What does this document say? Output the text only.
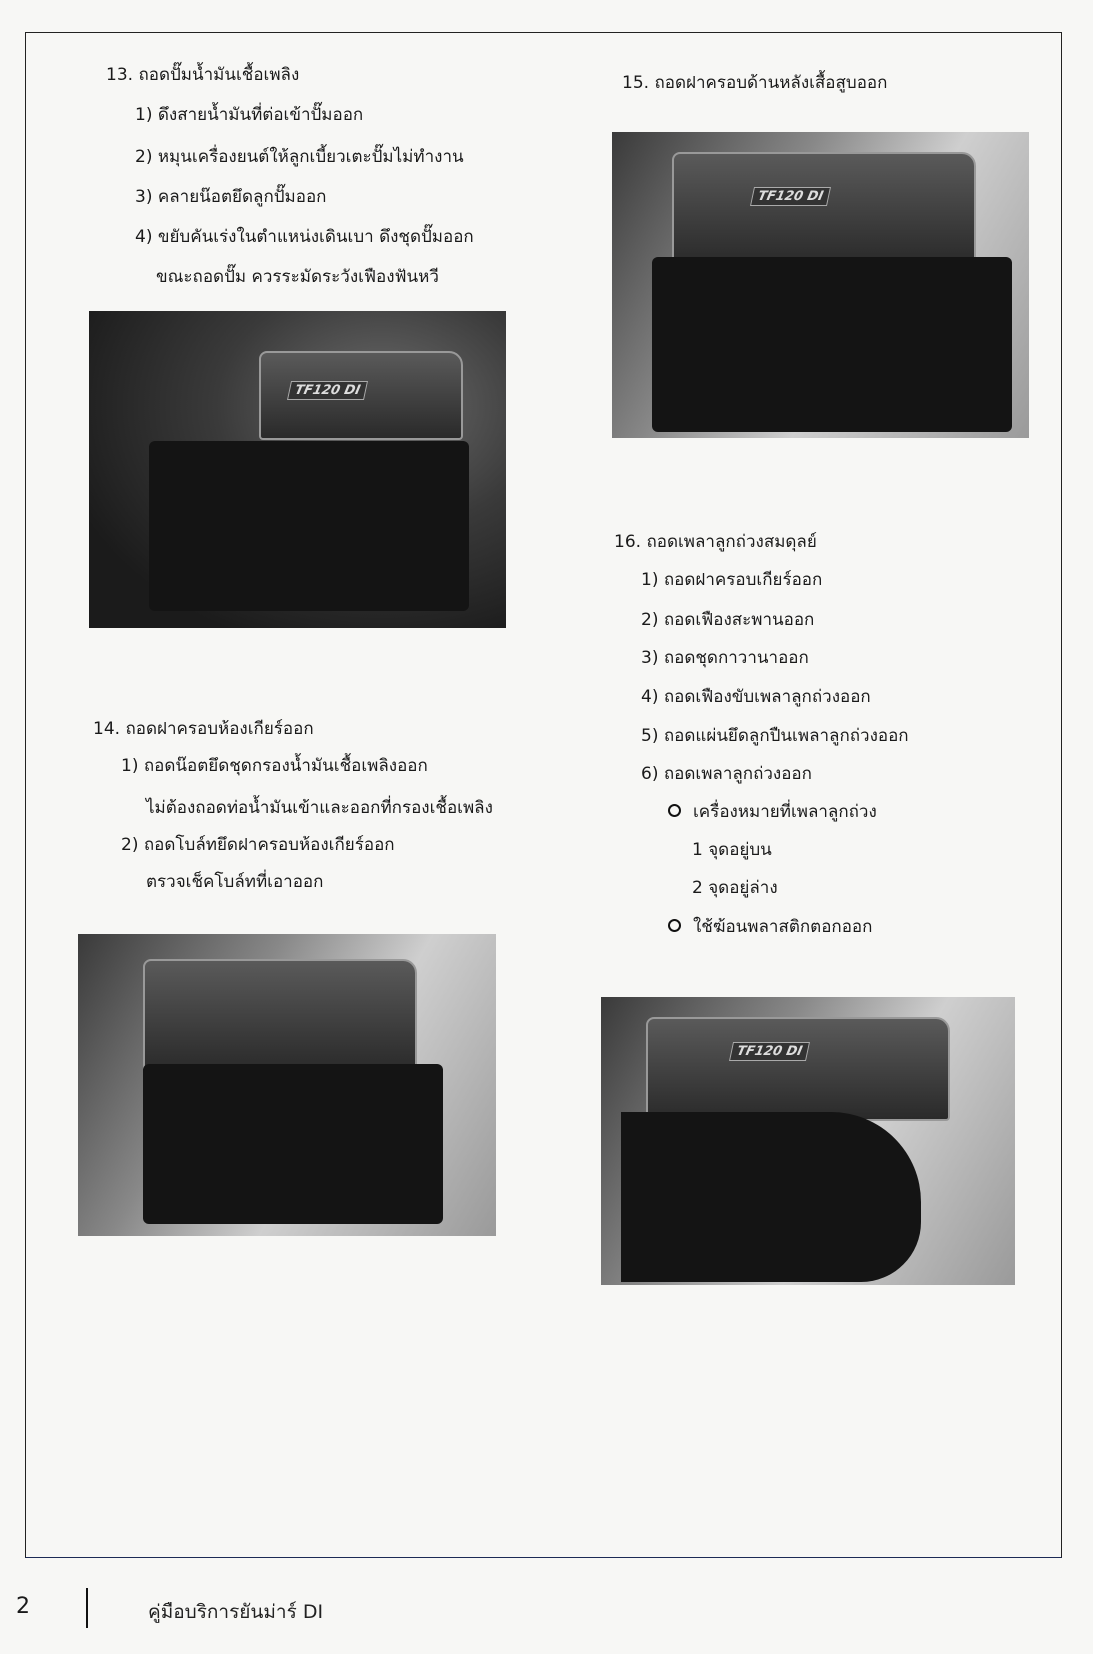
13. ถอดปั๊มน้ำมันเชื้อเพลิง
1) ดึงสายน้ำมันที่ต่อเข้าปั๊มออก
2) หมุนเครื่องยนต์ให้ลูกเบี้ยวเตะปั๊มไม่ทำงาน
3) คลายน๊อตยึดลูกปั๊มออก
4) ขยับคันเร่งในตำแหน่งเดินเบา ดึงชุดปั๊มออก
ขณะถอดปั๊ม ควรระมัดระวังเฟืองฟันหวี
TF120 DI
14. ถอดฝาครอบห้องเกียร์ออก
1) ถอดน๊อตยึดชุดกรองน้ำมันเชื้อเพลิงออก
ไม่ต้องถอดท่อน้ำมันเข้าและออกที่กรองเชื้อเพลิง
2) ถอดโบล์ทยึดฝาครอบห้องเกียร์ออก
ตรวจเช็คโบล์ทที่เอาออก
15. ถอดฝาครอบด้านหลังเสื้อสูบออก
TF120 DI
16. ถอดเพลาลูกถ่วงสมดุลย์
1) ถอดฝาครอบเกียร์ออก
2) ถอดเฟืองสะพานออก
3) ถอดชุดกาวานาออก
4) ถอดเฟืองขับเพลาลูกถ่วงออก
5) ถอดแผ่นยึดลูกปืนเพลาลูกถ่วงออก
6) ถอดเพลาลูกถ่วงออก
เครื่องหมายที่เพลาลูกถ่วง
1 จุดอยู่บน
2 จุดอยู่ล่าง
ใช้ฆ้อนพลาสติกตอกออก
TF120 DI
2	คู่มือบริการยันม่าร์ DI
